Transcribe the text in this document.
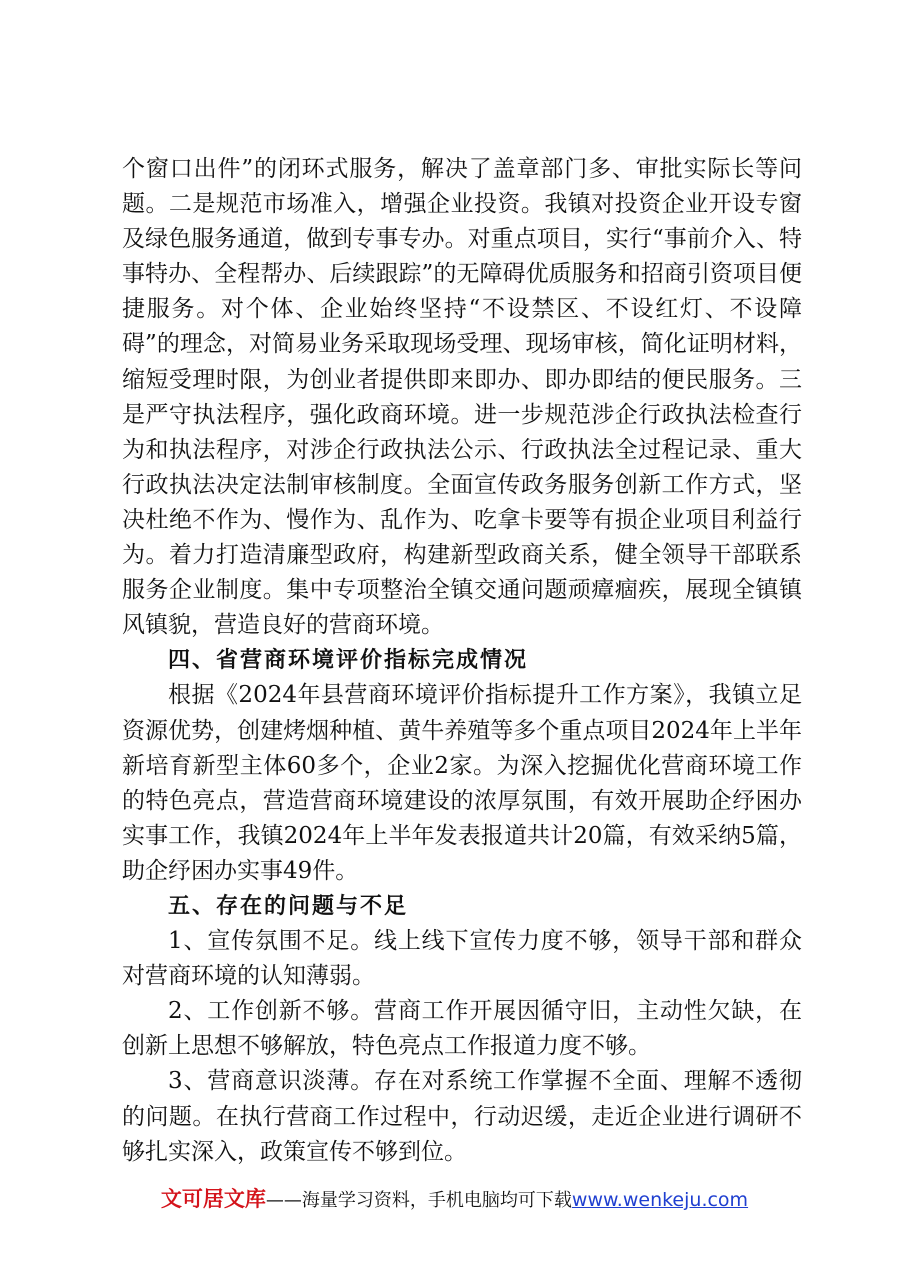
个窗口出件”的闭环式服务，解决了盖章部门多、审批实际长等问题。二是规范市场准入，增强企业投资。我镇对投资企业开设专窗及绿色服务通道，做到专事专办。对重点项目，实行“事前介入、特事特办、全程帮办、后续跟踪”的无障碍优质服务和招商引资项目便捷服务。对个体、企业始终坚持“不设禁区、不设红灯、不设障碍”的理念，对简易业务采取现场受理、现场审核，简化证明材料，缩短受理时限，为创业者提供即来即办、即办即结的便民服务。三是严守执法程序，强化政商环境。进一步规范涉企行政执法检查行为和执法程序，对涉企行政执法公示、行政执法全过程记录、重大行政执法决定法制审核制度。全面宣传政务服务创新工作方式，坚决杜绝不作为、慢作为、乱作为、吃拿卡要等有损企业项目利益行为。着力打造清廉型政府，构建新型政商关系，健全领导干部联系服务企业制度。集中专项整治全镇交通问题顽瘴痼疾，展现全镇镇风镇貌，营造良好的营商环境。

四、省营商环境评价指标完成情况

根据《2024年县营商环境评价指标提升工作方案》，我镇立足资源优势，创建烤烟种植、黄牛养殖等多个重点项目2024年上半年新培育新型主体60多个，企业2家。为深入挖掘优化营商环境工作的特色亮点，营造营商环境建设的浓厚氛围，有效开展助企纾困办实事工作，我镇2024年上半年发表报道共计20篇，有效采纳5篇，助企纾困办实事49件。

五、存在的问题与不足

1、宣传氛围不足。线上线下宣传力度不够，领导干部和群众对营商环境的认知薄弱。

2、工作创新不够。营商工作开展因循守旧，主动性欠缺，在创新上思想不够解放，特色亮点工作报道力度不够。

3、营商意识淡薄。存在对系统工作掌握不全面、理解不透彻的问题。在执行营商工作过程中，行动迟缓，走近企业进行调研不够扎实深入，政策宣传不够到位。

文可居文库——海量学习资料，手机电脑均可下载www.wenkeju.com
